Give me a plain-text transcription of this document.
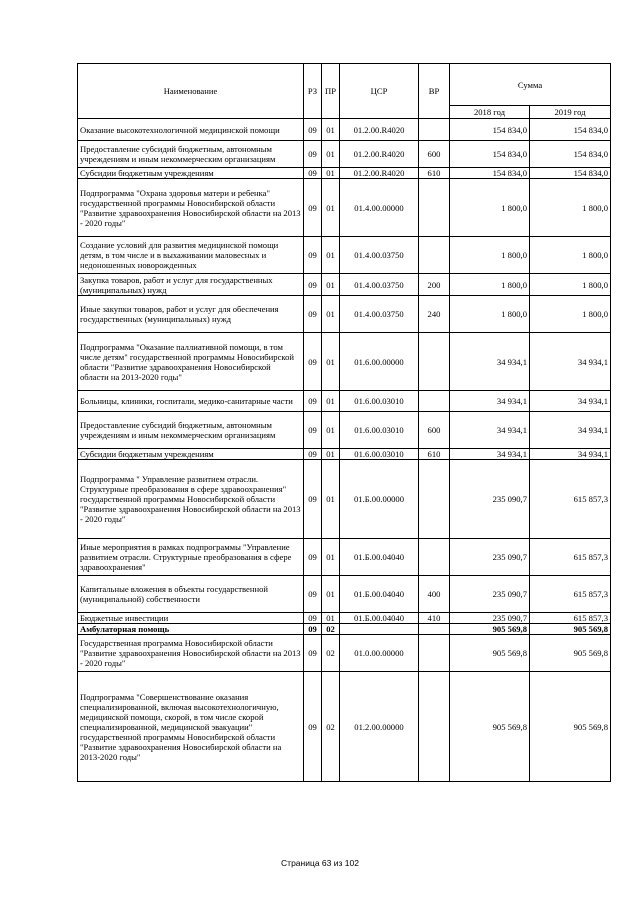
Наименование	РЗ	ПР	ЦСР	ВР	Сумма	
					2018 год	2019 год
Оказание высокотехнологичной медицинской помощи	09	01	01.2.00.R4020		154 834,0	154 834,0
Предоставление субсидий бюджетным, автономным учреждениям и иным некоммерческим организациям	09	01	01.2.00.R4020	600	154 834,0	154 834,0
Субсидии бюджетным учреждениям	09	01	01.2.00.R4020	610	154 834,0	154 834,0
Подпрограмма "Охрана здоровья матери и ребенка" государственной программы Новосибирской области "Развитие здравоохранения Новосибирской области на 2013 - 2020 годы"	09	01	01.4.00.00000		1 800,0	1 800,0
Создание условий для развития медицинской помощи детям, в том числе и в выхаживании маловесных и недоношенных новорожденных	09	01	01.4.00.03750		1 800,0	1 800,0
Закупка товаров, работ и услуг для государственных (муниципальных) нужд	09	01	01.4.00.03750	200	1 800,0	1 800,0
Иные закупки товаров, работ и услуг для обеспечения государственных (муниципальных) нужд	09	01	01.4.00.03750	240	1 800,0	1 800,0
Подпрограмма "Оказание паллиативной помощи, в том числе детям" государственной программы Новосибирской области "Развитие здравоохранения Новосибирской области на 2013-2020 годы"	09	01	01.6.00.00000		34 934,1	34 934,1
Больницы, клиники, госпитали, медико-санитарные части	09	01	01.6.00.03010		34 934,1	34 934,1
Предоставление субсидий бюджетным, автономным учреждениям и иным некоммерческим организациям	09	01	01.6.00.03010	600	34 934,1	34 934,1
Субсидии бюджетным учреждениям	09	01	01.6.00.03010	610	34 934,1	34 934,1
Подпрограмма " Управление развитием отрасли. Структурные преобразования в сфере здравоохранения" государственной программы Новосибирской области "Развитие здравоохранения Новосибирской области на 2013 - 2020 годы"	09	01	01.Б.00.00000		235 090,7	615 857,3
Иные мероприятия в рамках подпрограммы "Управление развитием отрасли. Структурные преобразования в сфере здравоохранения"	09	01	01.Б.00.04040		235 090,7	615 857,3
Капитальные вложения в объекты государственной (муниципальной) собственности	09	01	01.Б.00.04040	400	235 090,7	615 857,3
Бюджетные инвестиции	09	01	01.Б.00.04040	410	235 090,7	615 857,3
Амбулаторная помощь	09	02			905 569,8	905 569,8
Государственная программа Новосибирской области "Развитие здравоохранения Новосибирской области на 2013 - 2020 годы"	09	02	01.0.00.00000		905 569,8	905 569,8
Подпрограмма "Совершенствование оказания специализированной, включая высокотехнологичную, медицинской помощи, скорой, в том числе скорой специализированной, медицинской эвакуации" государственной программы Новосибирской области "Развитие здравоохранения Новосибирской области на 2013-2020 годы"	09	02	01.2.00.00000		905 569,8	905 569,8
Страница 63 из 102
